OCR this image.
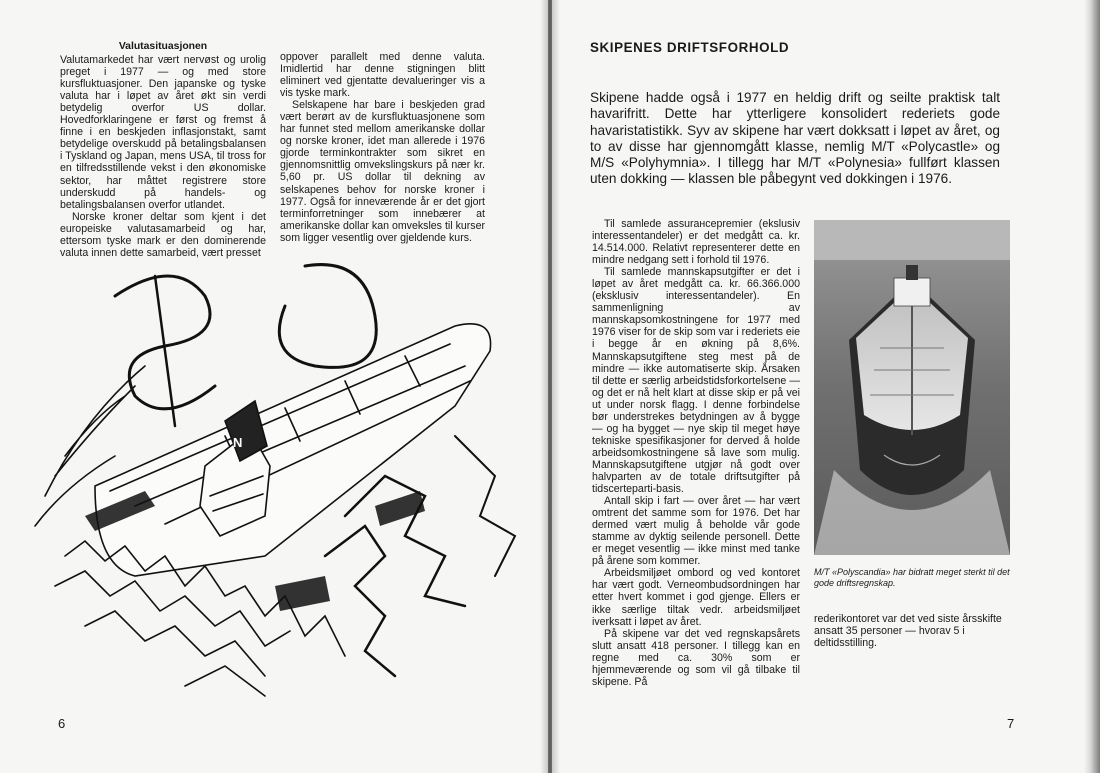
Valutasituasjonen

Valutamarkedet har vært nervøst og urolig preget i 1977 — og med store kursfluktuasjoner. Den japanske og tyske valuta har i løpet av året økt sin verdi betydelig overfor US dollar. Hovedforklaringene er først og fremst å finne i en beskjeden inflasjonstakt, samt betydelige overskudd på betalingsbalansen i Tyskland og Japan, mens USA, til tross for en tilfredsstillende vekst i den økonomiske sektor, har måttet registrere store underskudd på handels- og betalingsbalansen overfor utlandet.

Norske kroner deltar som kjent i det europeiske valutasamarbeid og har, ettersom tyske mark er den dominerende valuta innen dette samarbeid, vært presset

oppover parallelt med denne valuta. Imidlertid har denne stigningen blitt eliminert ved gjentatte devalueringer vis a vis tyske mark.

Selskapene har bare i beskjeden grad vært berørt av de kursfluktuasjonene som har funnet sted mellom amerikanske dollar og norske kroner, idet man allerede i 1976 gjorde terminkontrakter som sikret en gjennomsnittlig omvekslingskurs på nær kr. 5,60 pr. US dollar til dekning av selskapenes behov for norske kroner i 1977. Også for inneværende år er det gjort terminforretninger som innebærer at amerikanske dollar kan omveksles til kurser som ligger vesentlig over gjeldende kurs.

N
6
SKIPENES DRIFTSFORHOLD

Skipene hadde også i 1977 en heldig drift og seilte praktisk talt havarifritt. Dette har ytterligere konsolidert rederiets gode havaristatistikk. Syv av skipene har vært dokksatt i løpet av året, og to av disse har gjennomgått klasse, nemlig M/T «Polycastle» og M/S «Polyhymnia». I tillegg har M/T «Polynesia» fullført klassen uten dokking — klassen ble påbegynt ved dokkingen i 1976.

Til samlede assurансepremier (ekslusiv interessentandeler) er det medgått ca. kr. 14.514.000. Relativt representerer dette en mindre nedgang sett i forhold til 1976.

Til samlede mannskapsutgifter er det i løpet av året medgått ca. kr. 66.366.000 (eksklusiv interessentandeler). En sammenligning av mannskapsomkostningene for 1977 med 1976 viser for de skip som var i rederiets eie i begge år en økning på 8,6%. Mannskapsutgiftene steg mest på de mindre — ikke automatiserte skip. Årsaken til dette er særlig arbeidstidsforkortelsene — og det er nå helt klart at disse skip er på vei ut under norsk flagg. I denne forbindelse bør understrekes betydningen av å bygge — og ha bygget — nye skip til meget høye tekniske spesifikasjoner for derved å holde arbeidsomkostningene så lave som mulig. Mannskapsutgiftene utgjør nå godt over halvparten av de totale driftsutgifter på tidscerteparti-basis.

Antall skip i fart — over året — har vært omtrent det samme som for 1976. Det har dermed vært mulig å beholde vår gode stamme av dyktig seilende personell. Dette er meget vesentlig — ikke minst med tanke på årene som kommer.

Arbeidsmiljøet ombord og ved kontoret har vært godt. Verneombudsordningen har etter hvert kommet i god gjenge. Ellers er ikke særlige tiltak vedr. arbeidsmiljøet iverksatt i løpet av året.

På skipene var det ved regnskapsårets slutt ansatt 418 personer. I tillegg kan en regne med ca. 30% som er hjemmeværende og som vil gå tilbake til skipene. På

M/T «Polyscandia» har bidratt meget sterkt til det gode driftsregnskap.

rederikontoret var det ved siste årsskifte ansatt 35 personer — hvorav 5 i deltidsstilling.

7
